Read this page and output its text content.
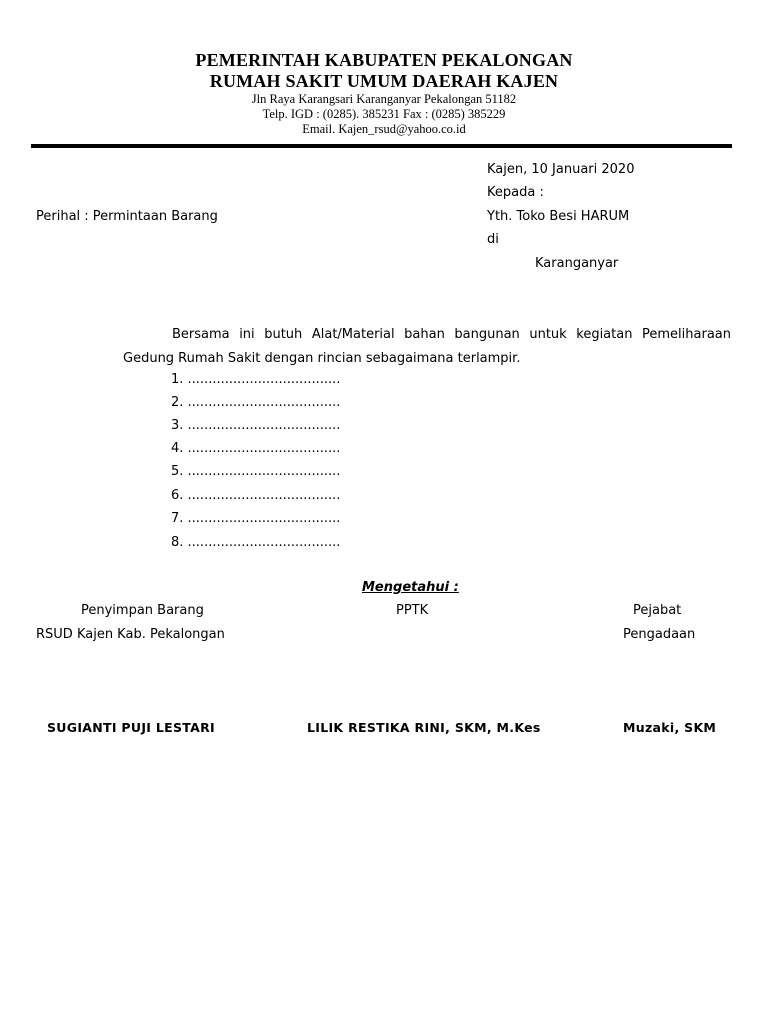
PEMERINTAH KABUPATEN PEKALONGAN
RUMAH SAKIT UMUM DAERAH KAJEN
Jln Raya Karangsari Karanganyar Pekalongan 51182
Telp. IGD : (0285). 385231 Fax : (0285) 385229
Email. Kajen_rsud@yahoo.co.id
Kajen, 10 Januari 2020
Kepada :
Perihal : Permintaan Barang	Yth. Toko Besi HARUM
di
Karanganyar
Bersama ini butuh Alat/Material bahan bangunan untuk kegiatan Pemeliharaan Gedung Rumah Sakit dengan rincian sebagaimana terlampir.
1. .....................................
2. .....................................
3. .....................................
4. .....................................
5. .....................................
6. .....................................
7. .....................................
8. .....................................
Mengetahui :
Penyimpan Barang
RSUD Kajen Kab. Pekalongan
PPTK	Pejabat
Pengadaan
SUGIANTI PUJI LESTARI	LILIK RESTIKA RINI, SKM, M.Kes	Muzaki, SKM
